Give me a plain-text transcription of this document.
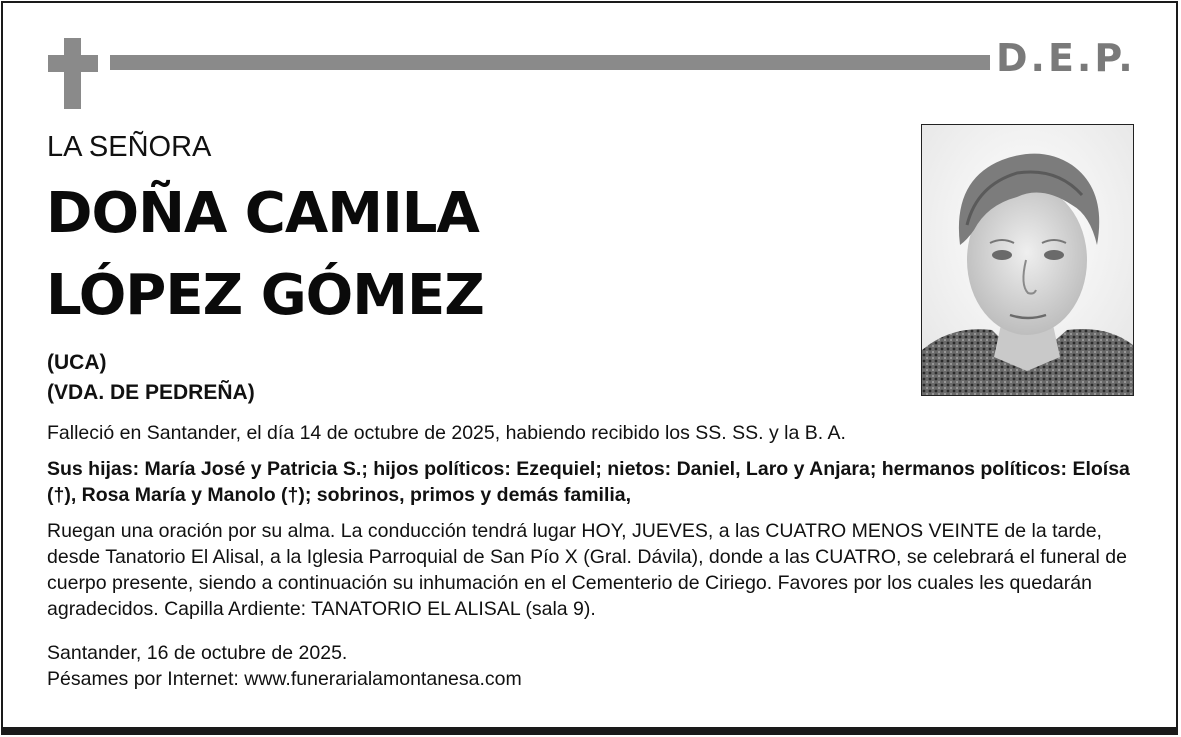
D.E.P.
LA SEÑORA
DOÑA CAMILA
LÓPEZ GÓMEZ
(UCA)
(VDA. DE PEDREÑA)
Falleció en Santander, el día 14 de octubre de 2025, habiendo recibido los SS. SS. y la B. A.
Sus hijas: María José y Patricia S.; hijos políticos: Ezequiel; nietos: Daniel, Laro y Anjara; hermanos políticos: Eloísa (†), Rosa María y Manolo (†); sobrinos, primos y demás familia,
Ruegan una oración por su alma. La conducción tendrá lugar HOY, JUEVES, a las CUATRO MENOS VEINTE de la tarde, desde Tanatorio El Alisal, a la Iglesia Parroquial de San Pío X (Gral. Dávila), donde a las CUATRO, se celebrará el funeral de cuerpo presente, siendo a continuación su inhumación en el Cementerio de Ciriego. Favores por los cuales les quedarán agradecidos. Capilla Ardiente: TANATORIO EL ALISAL (sala 9).
Santander, 16 de octubre de 2025.
Pésames por Internet: www.funerarialamontanesa.com
